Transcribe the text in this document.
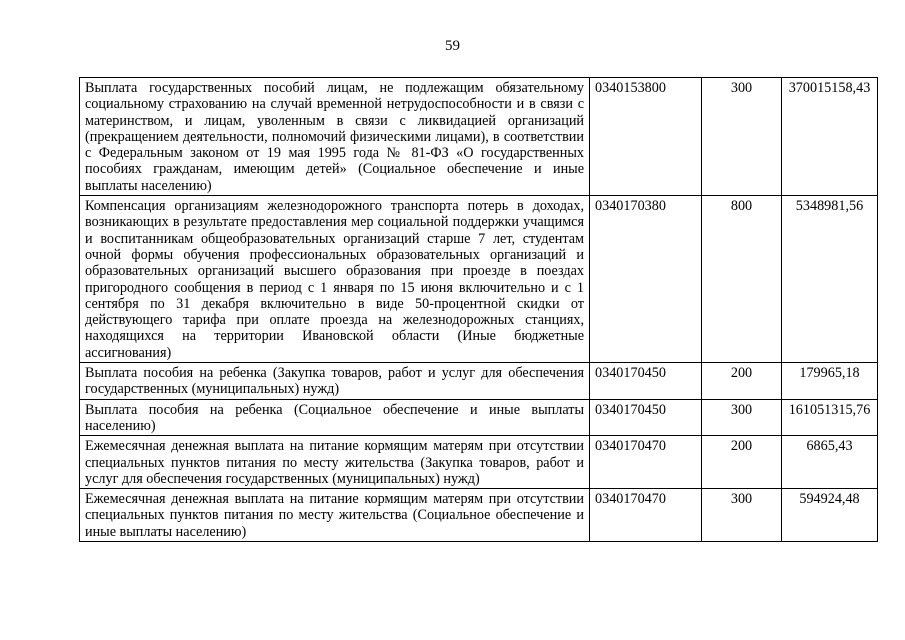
59
Выплата государственных пособий лицам, не подлежащим обязательному социальному страхованию на случай временной нетрудоспособности и в связи с материнством, и лицам, уволенным в связи с ликвидацией организаций (прекращением деятельности, полномочий физическими лицами), в соответствии с Федеральным законом от 19 мая 1995 года № 81-ФЗ «О государственных пособиях гражданам, имеющим детей» (Социальное обеспечение и иные выплаты населению)	0340153800	300	370015158,43
Компенсация организациям железнодорожного транспорта потерь в доходах, возникающих в результате предоставления мер социальной поддержки учащимся и воспитанникам общеобразовательных организаций старше 7 лет, студентам очной формы обучения профессиональных образовательных организаций и образовательных организаций высшего образования при проезде в поездах пригородного сообщения в период с 1 января по 15 июня включительно и с 1 сентября по 31 декабря включительно в виде 50-процентной скидки от действующего тарифа при оплате проезда на железнодорожных станциях, находящихся на территории Ивановской области (Иные бюджетные ассигнования)	0340170380	800	5348981,56
Выплата пособия на ребенка (Закупка товаров, работ и услуг для обеспечения государственных (муниципальных) нужд)	0340170450	200	179965,18
Выплата пособия на ребенка (Социальное обеспечение и иные выплаты населению)	0340170450	300	161051315,76
Ежемесячная денежная выплата на питание кормящим матерям при отсутствии специальных пунктов питания по месту жительства (Закупка товаров, работ и услуг для обеспечения государственных (муниципальных) нужд)	0340170470	200	6865,43
Ежемесячная денежная выплата на питание кормящим матерям при отсутствии специальных пунктов питания по месту жительства (Социальное обеспечение и иные выплаты населению)	0340170470	300	594924,48
